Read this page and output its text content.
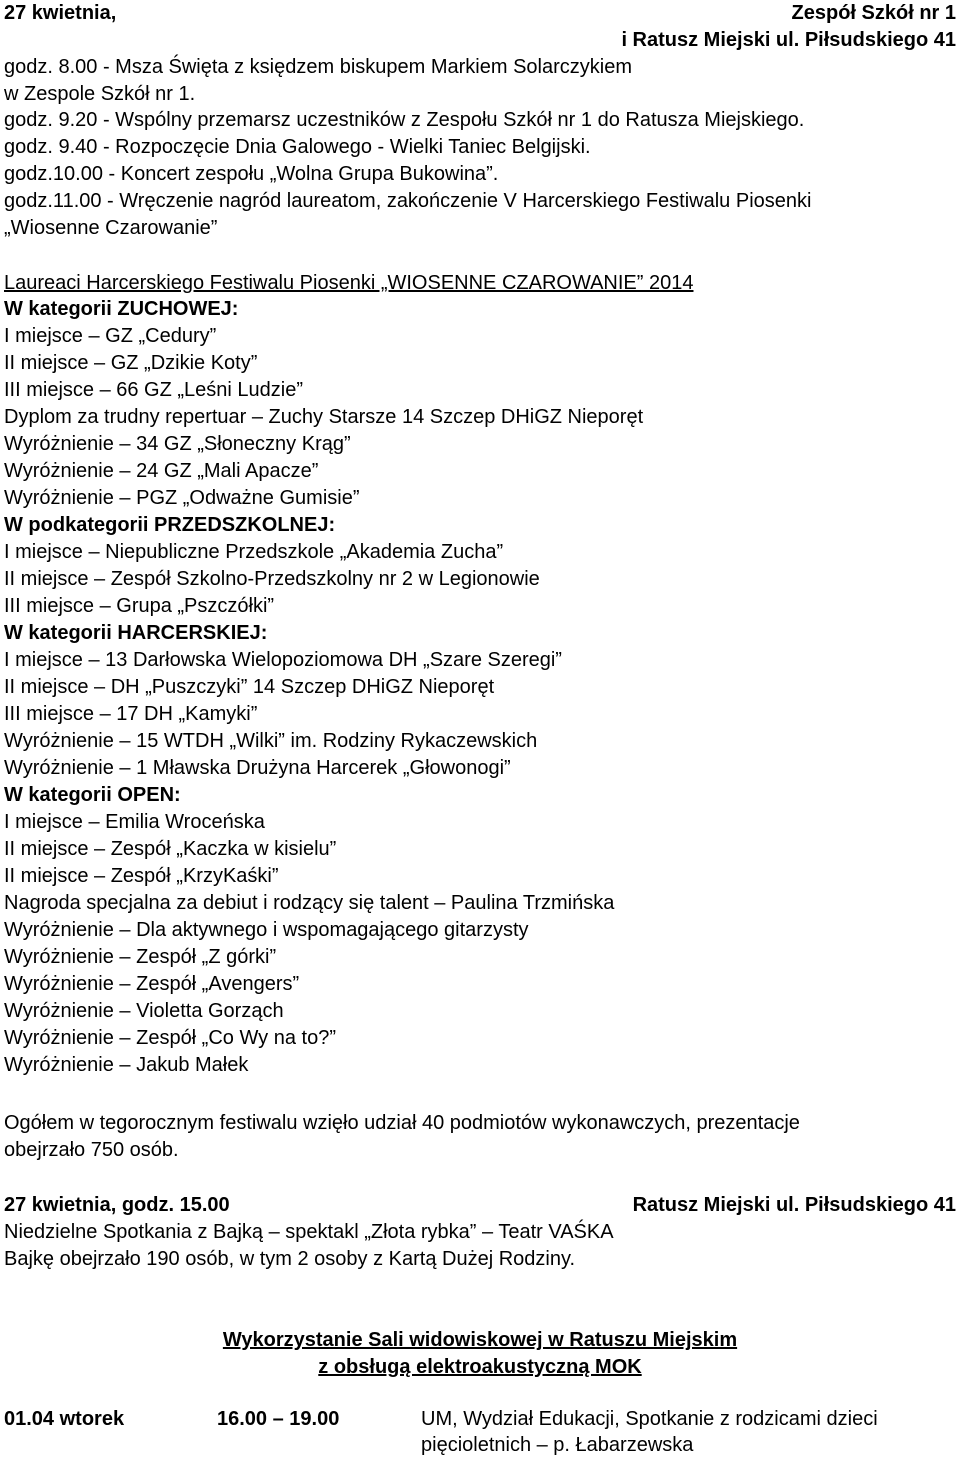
27 kwietnia,	Zespół Szkół nr 1
i Ratusz Miejski ul. Piłsudskiego 41
godz. 8.00 - Msza Święta z księdzem biskupem Markiem Solarczykiem
w Zespole Szkół nr 1.
godz. 9.20 - Wspólny przemarsz uczestników z Zespołu Szkół nr 1 do Ratusza Miejskiego.
godz. 9.40 - Rozpoczęcie Dnia Galowego - Wielki Taniec Belgijski.
godz.10.00 - Koncert zespołu „Wolna Grupa Bukowina”.
godz.11.00 - Wręczenie nagród laureatom, zakończenie V Harcerskiego Festiwalu Piosenki
„Wiosenne Czarowanie”
Laureaci Harcerskiego Festiwalu Piosenki „WIOSENNE CZAROWANIE” 2014
W kategorii ZUCHOWEJ:
I miejsce – GZ „Cedury”
II miejsce – GZ „Dzikie Koty”
III miejsce – 66 GZ „Leśni Ludzie”
Dyplom za trudny repertuar – Zuchy Starsze 14 Szczep DHiGZ Nieporęt
Wyróżnienie – 34 GZ „Słoneczny Krąg”
Wyróżnienie – 24 GZ „Mali Apacze”
Wyróżnienie – PGZ „Odważne Gumisie”
W podkategorii PRZEDSZKOLNEJ:
I miejsce – Niepubliczne Przedszkole „Akademia Zucha”
II miejsce – Zespół Szkolno-Przedszkolny nr 2 w Legionowie
III miejsce – Grupa „Pszczółki”
W kategorii HARCERSKIEJ:
I miejsce – 13 Darłowska Wielopoziomowa DH „Szare Szeregi”
II miejsce – DH „Puszczyki” 14 Szczep DHiGZ Nieporęt
III miejsce – 17 DH „Kamyki”
Wyróżnienie – 15 WTDH „Wilki” im. Rodziny Rykaczewskich
Wyróżnienie – 1 Mławska Drużyna Harcerek „Głowonogi”
W kategorii OPEN:
I miejsce – Emilia Wroceńska
II miejsce – Zespół „Kaczka w kisielu”
II miejsce – Zespół „KrzyKaśki”
Nagroda specjalna za debiut i rodzący się talent – Paulina Trzmińska
Wyróżnienie – Dla aktywnego i wspomagającego gitarzysty
Wyróżnienie – Zespół „Z górki”
Wyróżnienie – Zespół „Avengers”
Wyróżnienie – Violetta Gorząch
Wyróżnienie – Zespół „Co Wy na to?”
Wyróżnienie – Jakub Małek
Ogółem w tegorocznym festiwalu wzięło udział 40 podmiotów wykonawczych, prezentacje
obejrzało 750 osób.
27 kwietnia, godz. 15.00	Ratusz Miejski ul. Piłsudskiego 41
Niedzielne Spotkania z Bajką – spektakl „Złota rybka” – Teatr VAŚKA
Bajkę obejrzało 190 osób, w tym 2 osoby z Kartą Dużej Rodziny.
Wykorzystanie Sali widowiskowej w Ratuszu Miejskim
z obsługą elektroakustyczną MOK
01.04 wtorek	16.00 – 19.00	UM, Wydział Edukacji, Spotkanie z rodzicami dzieci
pięcioletnich – p. Łabarzewska
